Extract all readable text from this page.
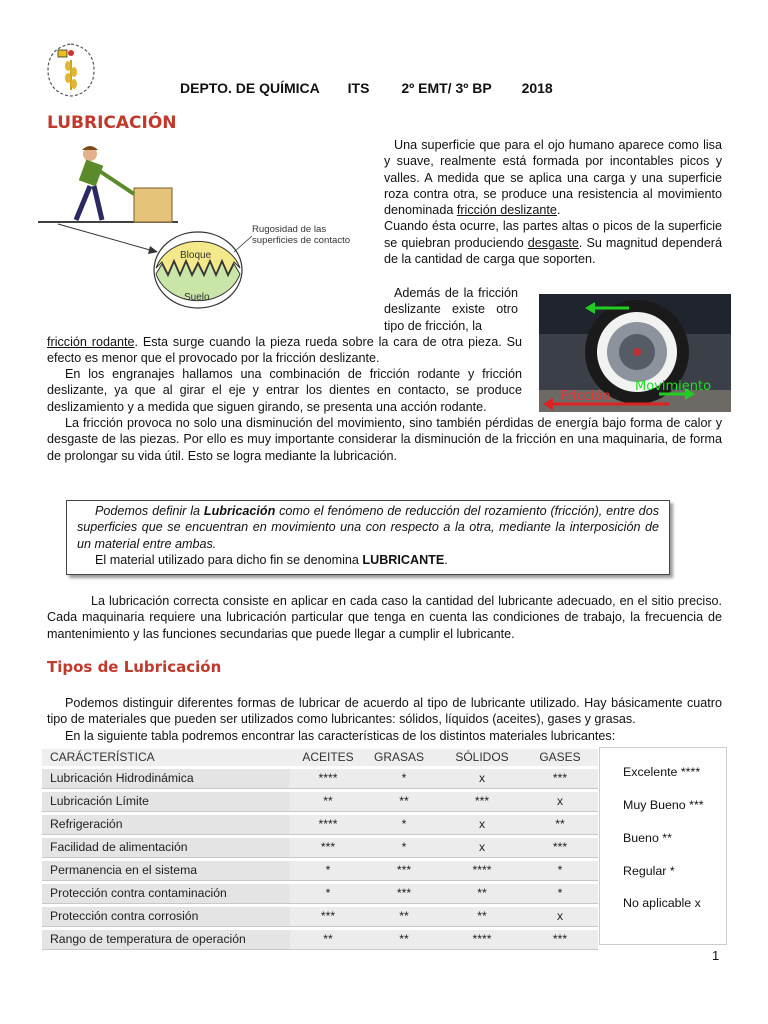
DEPTO. DE QUÍMICA ITS 2º EMT/ 3º BP 2018
LUBRICACIÓN
Bloque
Suelo
Rugosidad de las superficies de contacto

Una superficie que para el ojo humano aparece como lisa y suave, realmente está formada por incontables picos y valles. A medida que se aplica una carga y una superficie roza contra otra, se produce una resistencia al movimiento denominada fricción deslizante.

Cuando ésta ocurre, las partes altas o picos de la superficie se quiebran produciendo desgaste. Su magnitud dependerá de la cantidad de carga que soporten.

Movimiento
Fricción

Además de la fricción deslizante existe otro tipo de fricción, la

fricción rodante. Esta surge cuando la pieza rueda sobre la cara de otra pieza. Su efecto es menor que el provocado por la fricción deslizante.

En los engranajes hallamos una combinación de fricción rodante y fricción deslizante, ya que al girar el eje y entrar los dientes en contacto, se produce deslizamiento y a medida que siguen girando, se presenta una acción rodante.

La fricción provoca no solo una disminución del movimiento, sino también pérdidas de energía bajo forma de calor y desgaste de las piezas. Por ello es muy importante considerar la disminución de la fricción en una maquinaria, de forma de prolongar su vida útil. Esto se logra mediante la lubricación.

Podemos definir la Lubricación como el fenómeno de reducción del rozamiento (fricción), entre dos superficies que se encuentran en movimiento una con respecto a la otra, mediante la interposición de un material entre ambas.

El material utilizado para dicho fin se denomina LUBRICANTE.

La lubricación correcta consiste en aplicar en cada caso la cantidad del lubricante adecuado, en el sitio preciso. Cada maquinaria requiere una lubricación particular que tenga en cuenta las condiciones de trabajo, la frecuencia de mantenimiento y las funciones secundarias que puede llegar a cumplir el lubricante.

Tipos de Lubricación

Podemos distinguir diferentes formas de lubricar de acuerdo al tipo de lubricante utilizado. Hay básicamente cuatro tipo de materiales que pueden ser utilizados como lubricantes: sólidos, líquidos (aceites), gases y grasas.

En la siguiente tabla podremos encontrar las características de los distintos materiales lubricantes:

CARÁCTERÍSTICA	ACEITES	GRASAS	SÓLIDOS	GASES
Lubricación Hidrodinámica	****	*	x	***
Lubricación Límite	**	**	***	x
Refrigeración	****	*	x	**
Facilidad de alimentación	***	*	x	***
Permanencia en el sistema	*	***	****	*
Protección contra contaminación	*	***	**	*
Protección contra corrosión	***	**	**	x
Rango de temperatura de operación	**	**	****	***
Excelente ****
Muy Bueno ***
Bueno **
Regular *
No aplicable x
1
